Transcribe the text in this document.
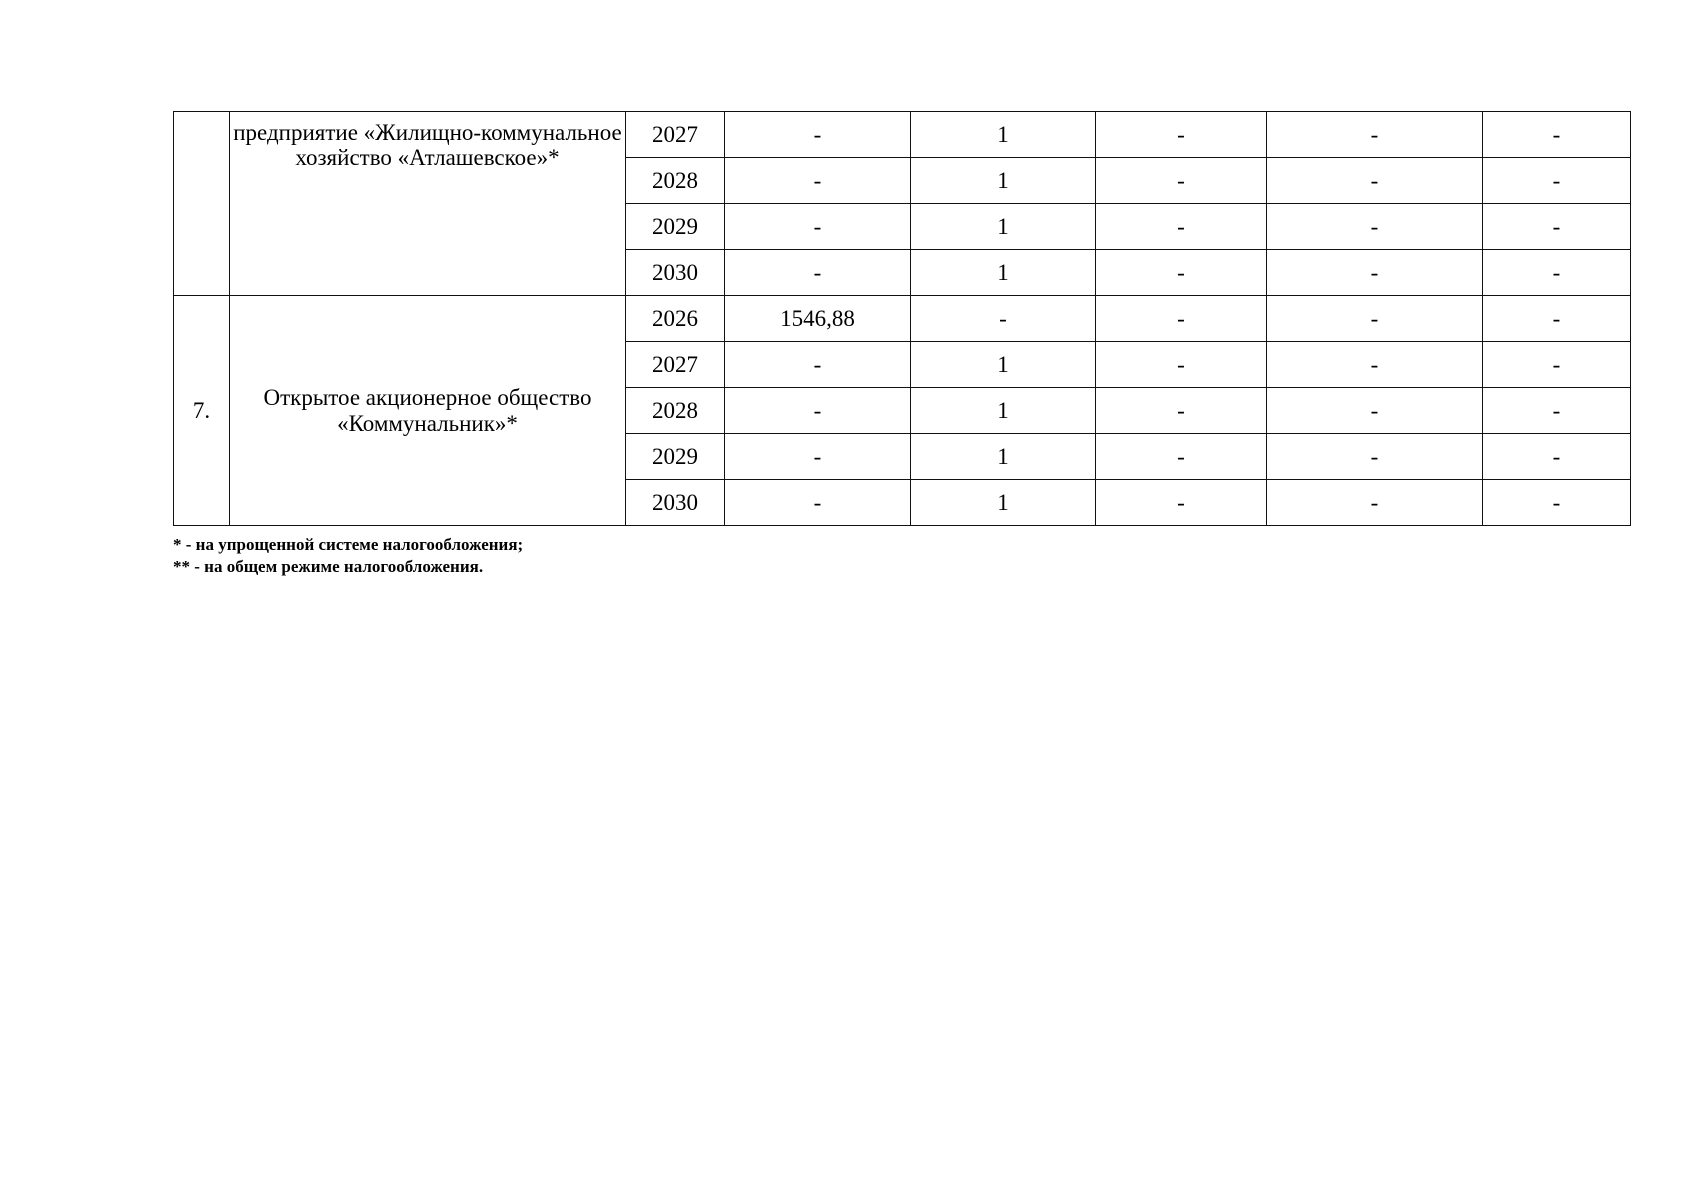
	предприятие «Жилищно-коммунальное хозяйство «Атлашевское»*	2027	-	1	-	-	-
		2028	-	1	-	-	-
		2029	-	1	-	-	-
		2030	-	1	-	-	-
7.	Открытое акционерное общество «Коммунальник»*	2026	1546,88	-	-	-	-
		2027	-	1	-	-	-
		2028	-	1	-	-	-
		2029	-	1	-	-	-
		2030	-	1	-	-	-
* - на упрощенной системе налогообложения;
** - на общем режиме налогообложения.
